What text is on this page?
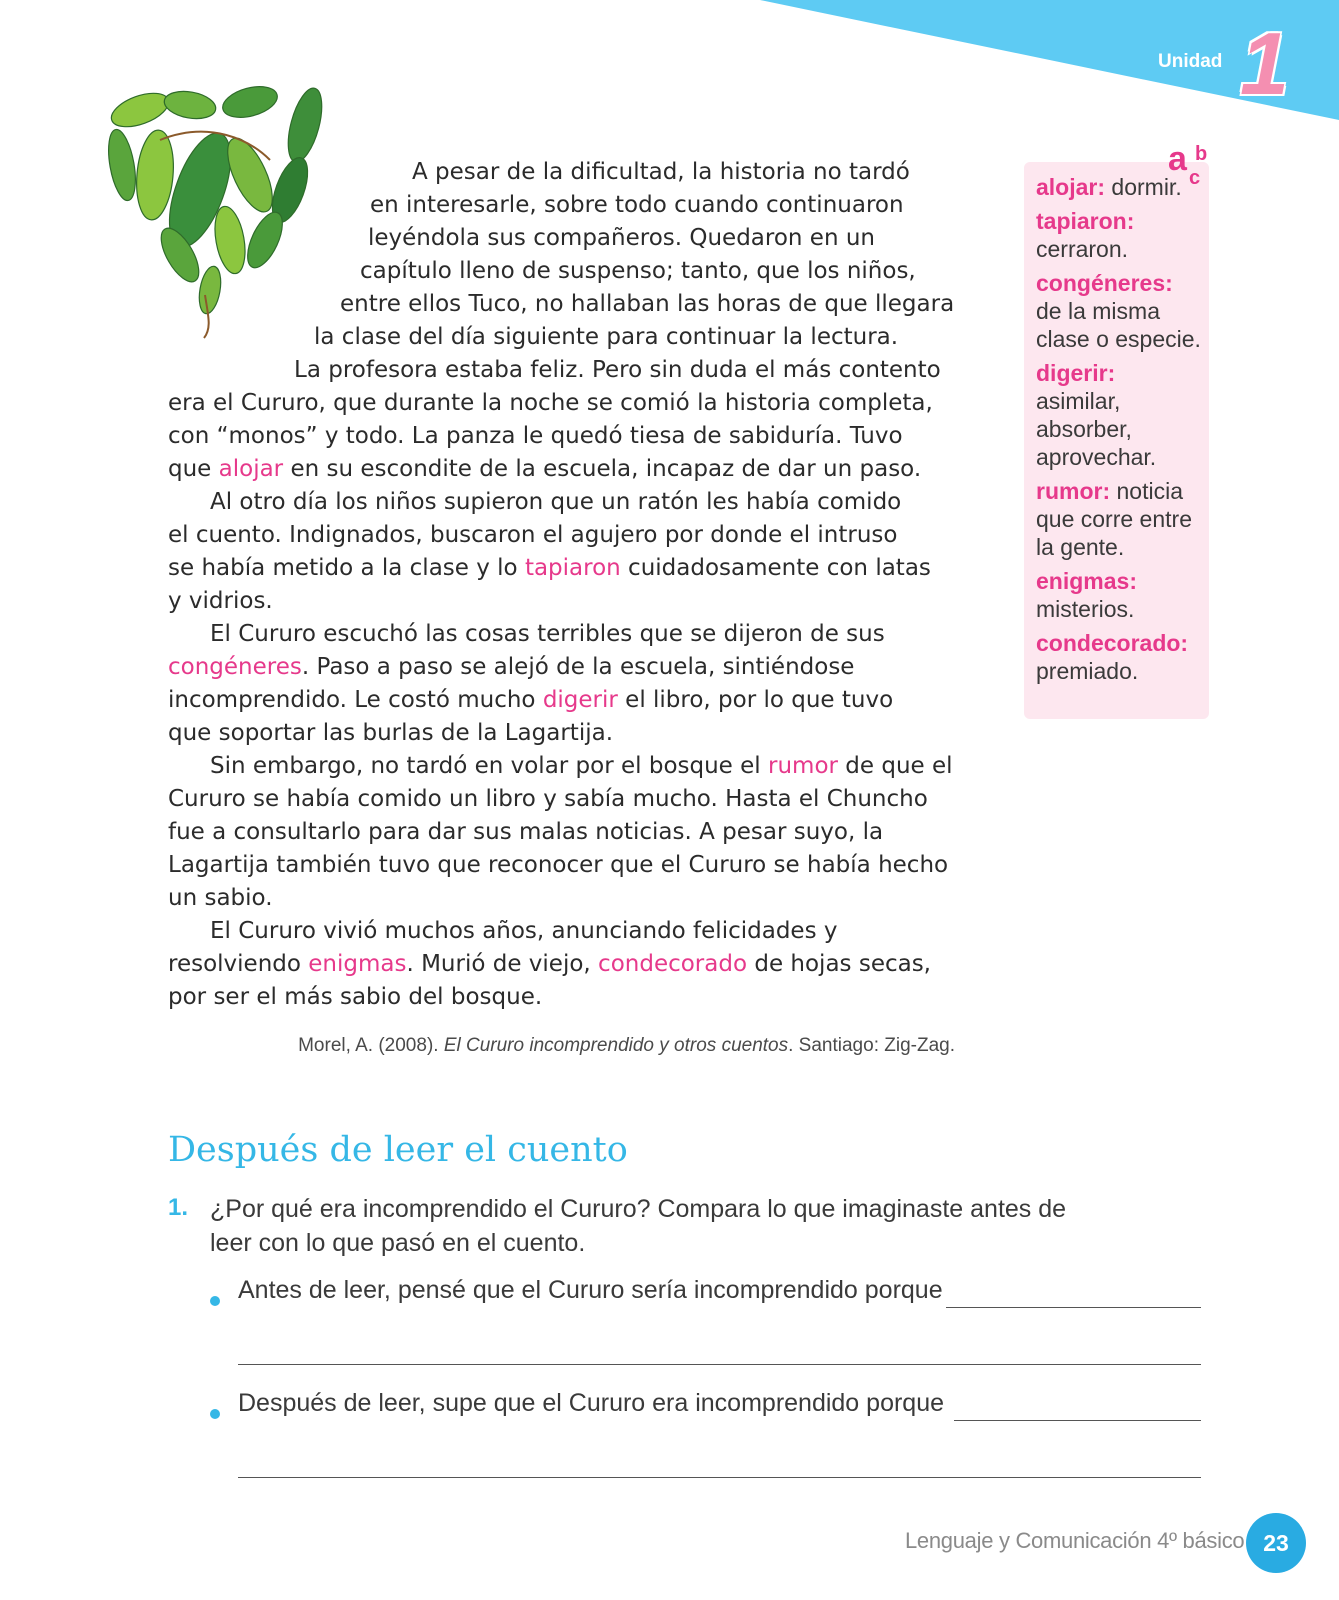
Unidad 1
A pesar de la dificultad, la historia no tardó
en interesarle, sobre todo cuando continuaron
leyéndola sus compañeros. Quedaron en un
capítulo lleno de suspenso; tanto, que los niños,
entre ellos Tuco, no hallaban las horas de que llegara
la clase del día siguiente para continuar la lectura.
La profesora estaba feliz. Pero sin duda el más contento
era el Cururo, que durante la noche se comió la historia completa,
con “monos” y todo. La panza le quedó tiesa de sabiduría. Tuvo
que alojar en su escondite de la escuela, incapaz de dar un paso.
Al otro día los niños supieron que un ratón les había comido
el cuento. Indignados, buscaron el agujero por donde el intruso
se había metido a la clase y lo tapiaron cuidadosamente con latas
y vidrios.
El Cururo escuchó las cosas terribles que se dijeron de sus
congéneres. Paso a paso se alejó de la escuela, sintiéndose
incomprendido. Le costó mucho digerir el libro, por lo que tuvo
que soportar las burlas de la Lagartija.
Sin embargo, no tardó en volar por el bosque el rumor de que el
Cururo se había comido un libro y sabía mucho. Hasta el Chuncho
fue a consultarlo para dar sus malas noticias. A pesar suyo, la
Lagartija también tuvo que reconocer que el Cururo se había hecho
un sabio.
El Cururo vivió muchos años, anunciando felicidades y
resolviendo enigmas. Murió de viejo, condecorado de hojas secas,
por ser el más sabio del bosque.
Morel, A. (2008). El Cururo incomprendido y otros cuentos. Santiago: Zig-Zag.
a b
c
alojar: dormir.
tapiaron:
cerraron.
congéneres:
de la misma
clase o especie.
digerir:
asimilar,
absorber,
aprovechar.
rumor: noticia
que corre entre
la gente.
enigmas:
misterios.
condecorado:
premiado.
Después de leer el cuento
1. ¿Por qué era incomprendido el Cururo? Compara lo que imaginaste antes de leer con lo que pasó en el cuento.
Antes de leer, pensé que el Cururo sería incomprendido porque
Después de leer, supe que el Cururo era incomprendido porque
Lenguaje y Comunicación 4º básico 23
